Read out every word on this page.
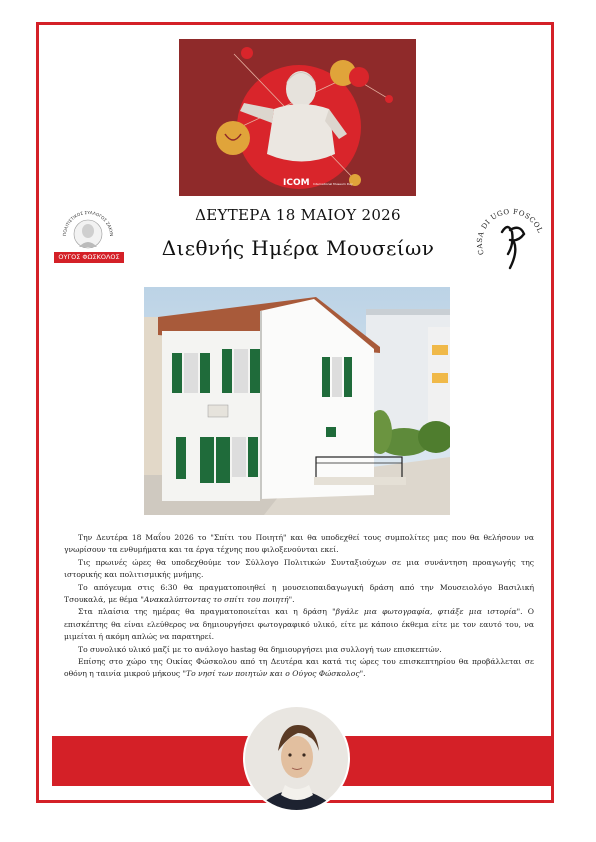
ICOM International Museum Day
ΠΟΛΙΤΙΣΤΙΚΟΣ ΣΥΛΛΟΓΟΣ ΖΑΚΥΝ
ΟΥΓΟΣ ΦΩΣΚΟΛΟΣ
CASA DI UGO FOSCOL
ΔΕΥΤΕΡΑ 18 ΜΑΙΟΥ 2026
Διεθνής Ημέρα Μουσείων

Την Δευτέρα 18 Μαΐου 2026 το "Σπίτι του Ποιητή" και θα υποδεχθεί τους συμπολίτες μας που θα θελήσουν να γνωρίσουν τα ενθυμήματα και τα έργα τέχνης που φιλοξενούνται εκεί.

Τις πρωινές ώρες θα υποδεχθούμε τον Σύλλογο Πολιτικών Συνταξιούχων σε μια συνάντηση προαγωγής της ιστορικής και πολιτισμικής μνήμης.

Το απόγευμα στις 6:30 θα πραγματοποιηθεί η μουσειοπαιδαγωγική δράση από την Μουσειολόγο Βασιλική Τσουκαλά, με θέμα "Ανακαλύπτοντας το σπίτι του ποιητή".

Στα πλαίσια της ημέρας θα πραγματοποιείται και η δράση "βγάλε μια φωτογραφία, φτιάξε μια ιστορία". Ο επισκέπτης θα είναι ελεύθερος να δημιουργήσει φωτογραφικό υλικό, είτε με κάποιο έκθεμα είτε με τον εαυτό του, να μιμείται ή ακόμη απλώς να παρατηρεί.

Το συνολικό υλικό μαζί με το ανάλογο hastag θα δημιουργήσει μια συλλογή των επισκεπτών.

Επίσης στο χώρο της Οικίας Φώσκολου από τη Δευτέρα και κατά τις ώρες του επισκεπτηρίου θα προβάλλεται σε οθόνη η ταινία μικρού μήκους "Το νησί των ποιητών και ο Ούγος Φώσκολος".
